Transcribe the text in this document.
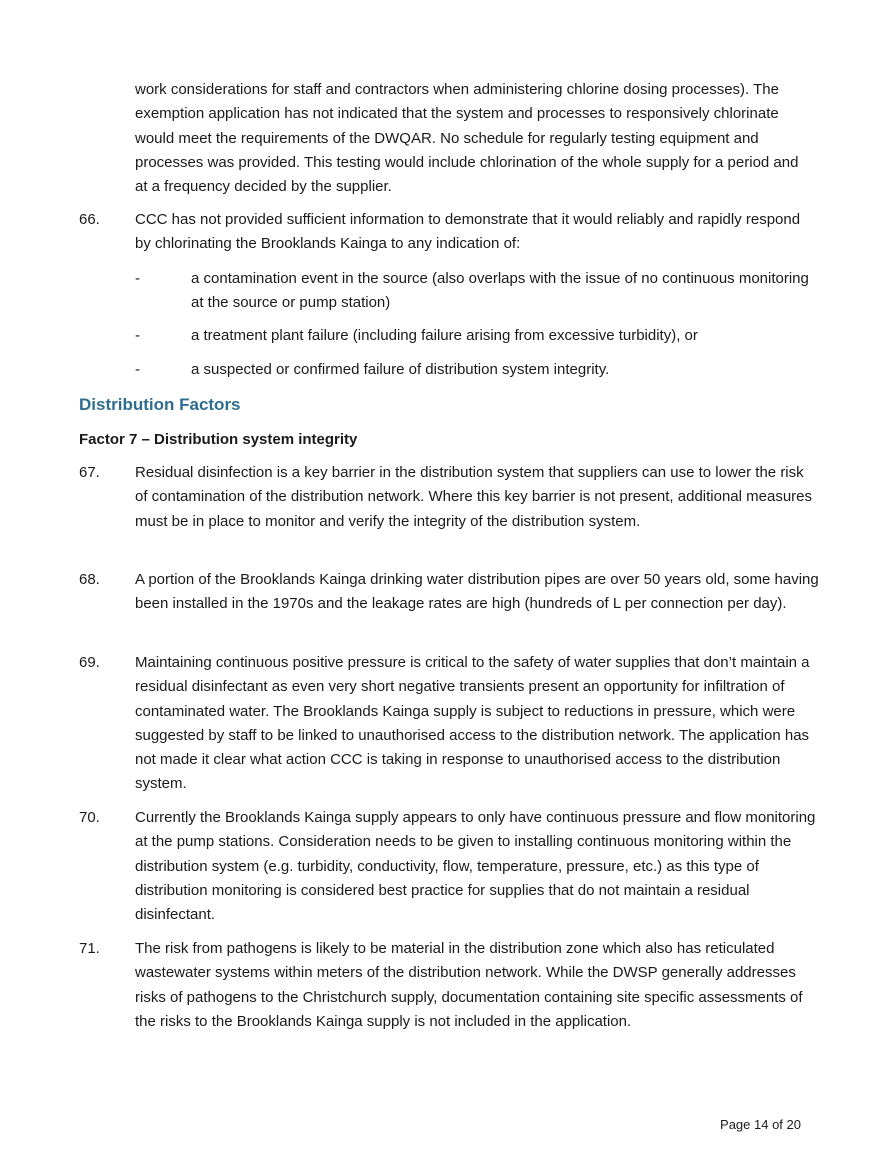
work considerations for staff and contractors when administering chlorine dosing processes). The exemption application has not indicated that the system and processes to responsively chlorinate would meet the requirements of the DWQAR. No schedule for regularly testing equipment and processes was provided. This testing would include chlorination of the whole supply for a period and at a frequency decided by the supplier.
66.	CCC has not provided sufficient information to demonstrate that it would reliably and rapidly respond by chlorinating the Brooklands Kainga to any indication of:
-	a contamination event in the source (also overlaps with the issue of no continuous monitoring at the source or pump station)
-	a treatment plant failure (including failure arising from excessive turbidity), or
-	a suspected or confirmed failure of distribution system integrity.
Distribution Factors
Factor 7 – Distribution system integrity
67.	Residual disinfection is a key barrier in the distribution system that suppliers can use to lower the risk of contamination of the distribution network. Where this key barrier is not present, additional measures must be in place to monitor and verify the integrity of the distribution system.
68.	A portion of the Brooklands Kainga drinking water distribution pipes are over 50 years old, some having been installed in the 1970s and the leakage rates are high (hundreds of L per connection per day).
69.	Maintaining continuous positive pressure is critical to the safety of water supplies that don’t maintain a residual disinfectant as even very short negative transients present an opportunity for infiltration of contaminated water. The Brooklands Kainga supply is subject to reductions in pressure, which were suggested by staff to be linked to unauthorised access to the distribution network. The application has not made it clear what action CCC is taking in response to unauthorised access to the distribution system.
70.	Currently the Brooklands Kainga supply appears to only have continuous pressure and flow monitoring at the pump stations. Consideration needs to be given to installing continuous monitoring within the distribution system (e.g. turbidity, conductivity, flow, temperature, pressure, etc.) as this type of distribution monitoring is considered best practice for supplies that do not maintain a residual disinfectant.
71.	The risk from pathogens is likely to be material in the distribution zone which also has reticulated wastewater systems within meters of the distribution network. While the DWSP generally addresses risks of pathogens to the Christchurch supply, documentation containing site specific assessments of the risks to the Brooklands Kainga supply is not included in the application.
Page 14 of 20
